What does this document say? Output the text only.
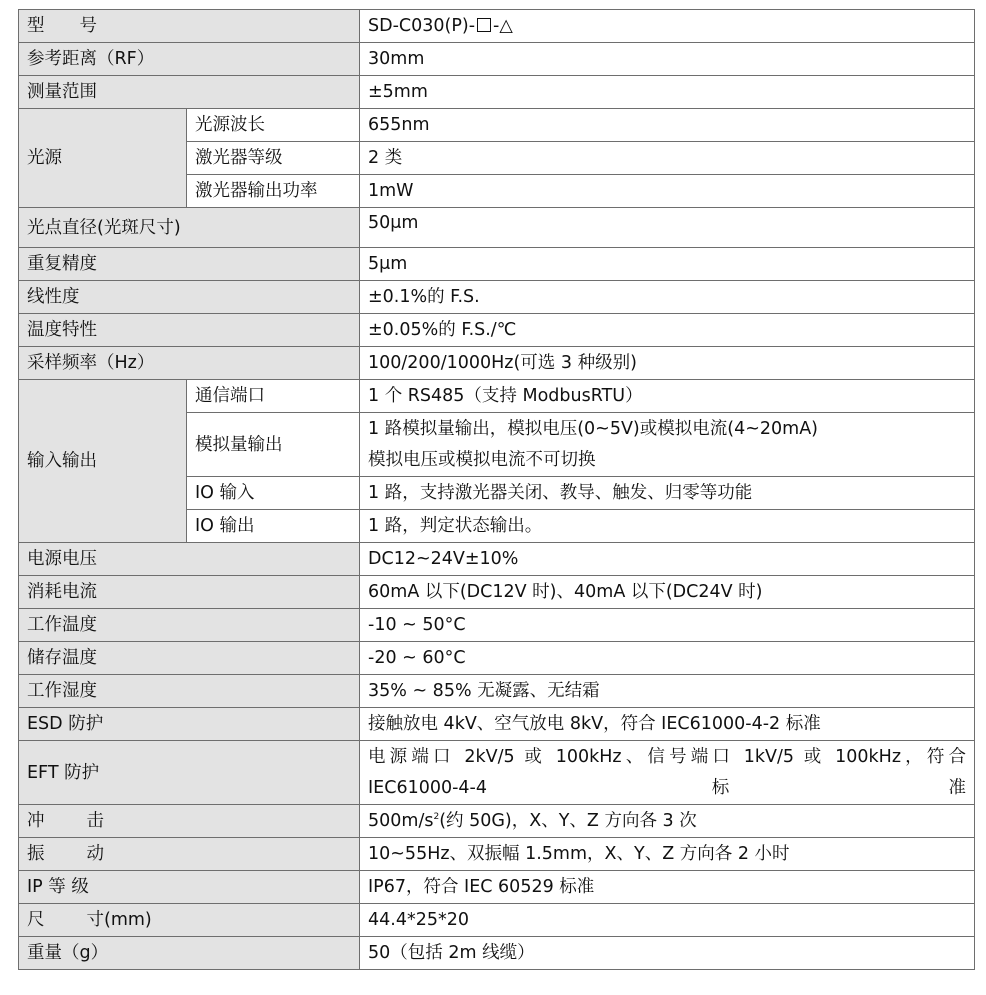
型　　号		SD-C030(P)- -△
参考距离（RF）		30mm
测量范围		±5mm
光源	光源波长	655nm
	激光器等级	2 类
	激光器输出功率	1mW
光点直径(光斑尺寸)		50μm
重复精度		5μm
线性度		±0.1%的 F.S.
温度特性		±0.05%的 F.S./℃
采样频率（Hz）		100/200/1000Hz(可选 3 种级别)
输入输出	通信端口	1 个 RS485（支持 ModbusRTU）
	模拟量输出	1 路模拟量输出，模拟电压(0~5V)或模拟电流(4~20mA)
模拟电压或模拟电流不可切换

	IO 输入	1 路，支持激光器关闭、教导、触发、归零等功能
	IO 输出	1 路，判定状态输出。
电源电压		DC12~24V±10%
消耗电流		60mA 以下(DC12V 时)、40mA 以下(DC24V 时)
工作温度		-10 ~ 50°C
储存温度		-20 ~ 60°C
工作湿度		35% ~ 85% 无凝露、无结霜
ESD 防护		接触放电 4kV、空气放电 8kV，符合 IEC61000-4-2 标准
EFT 防护		电源端口 2kV/5 或 100kHz、信号端口 1kV/5 或 100kHz，符合 IEC61000-4-4 标准
冲 击		$500m/s^2$(约 50G)，X、Y、Z 方向各 3 次
振 动		10~55Hz、双振幅 1.5mm，X、Y、Z 方向各 2 小时
IP 等 级		IP67，符合 IEC 60529 标准
尺 寸(mm)		44.4*25*20
重量（g）		50（包括 2m 线缆）
